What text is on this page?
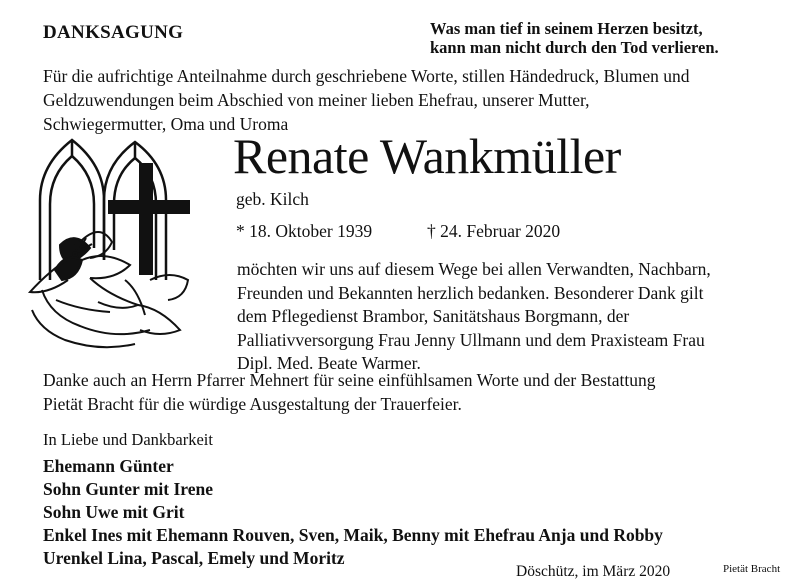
DANKSAGUNG	Was man tief in seinem Herzen besitzt,
kann man nicht durch den Tod verlieren.
Für die aufrichtige Anteilnahme durch geschriebene Worte, stillen Händedruck, Blumen und
Geldzuwendungen beim Abschied von meiner lieben Ehefrau, unserer Mutter,
Schwiegermutter, Oma und Uroma
Renate Wankmüller
geb. Kilch
* 18. Oktober 1939	† 24. Februar 2020
möchten wir uns auf diesem Wege bei allen Verwandten, Nachbarn,
Freunden und Bekannten herzlich bedanken. Besonderer Dank gilt
dem Pflegedienst Brambor, Sanitätshaus Borgmann, der
Palliativversorgung Frau Jenny Ullmann und dem Praxisteam Frau
Dipl. Med. Beate Warmer.
Danke auch an Herrn Pfarrer Mehnert für seine einfühlsamen Worte und der Bestattung
Pietät Bracht für die würdige Ausgestaltung der Trauerfeier.
In Liebe und Dankbarkeit
Ehemann Günter
Sohn Gunter mit Irene
Sohn Uwe mit Grit
Enkel Ines mit Ehemann Rouven, Sven, Maik, Benny mit Ehefrau Anja und Robby
Urenkel Lina, Pascal, Emely und Moritz
Döschütz, im März 2020	Pietät Bracht
